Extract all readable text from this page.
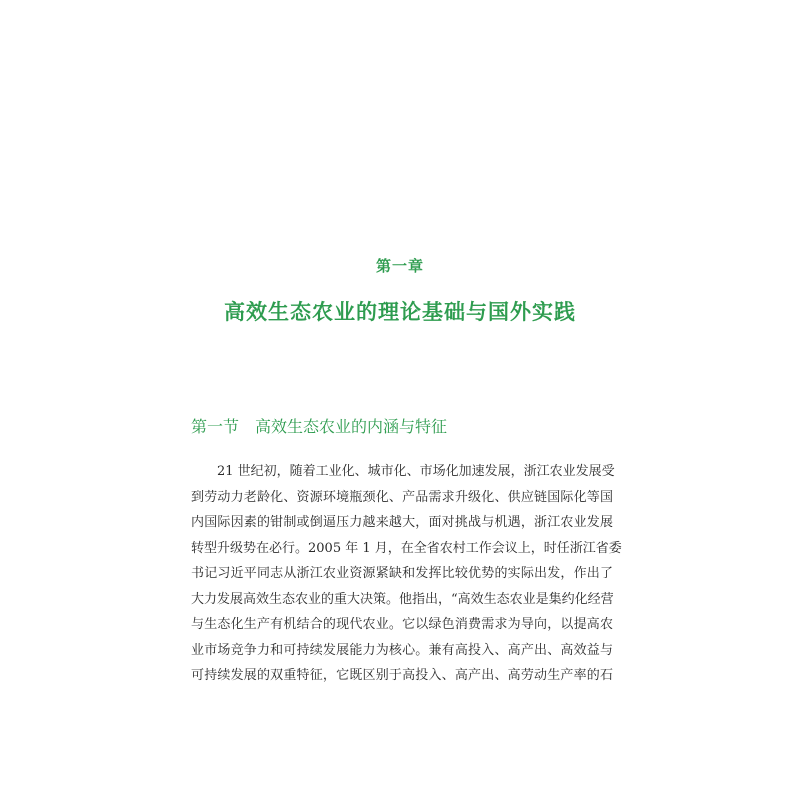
第一章
高效生态农业的理论基础与国外实践
第一节　高效生态农业的内涵与特征
21 世纪初，随着工业化、城市化、市场化加速发展，浙江农业发展受
到劳动力老龄化、资源环境瓶颈化、产品需求升级化、供应链国际化等国
内国际因素的钳制或倒逼压力越来越大，面对挑战与机遇，浙江农业发展
转型升级势在必行。2005 年 1 月，在全省农村工作会议上，时任浙江省委
书记习近平同志从浙江农业资源紧缺和发挥比较优势的实际出发，作出了
大力发展高效生态农业的重大决策。他指出，“高效生态农业是集约化经营
与生态化生产有机结合的现代农业。它以绿色消费需求为导向，以提高农
业市场竞争力和可持续发展能力为核心。兼有高投入、高产出、高效益与
可持续发展的双重特征，它既区别于高投入、高产出、高劳动生产率的石
